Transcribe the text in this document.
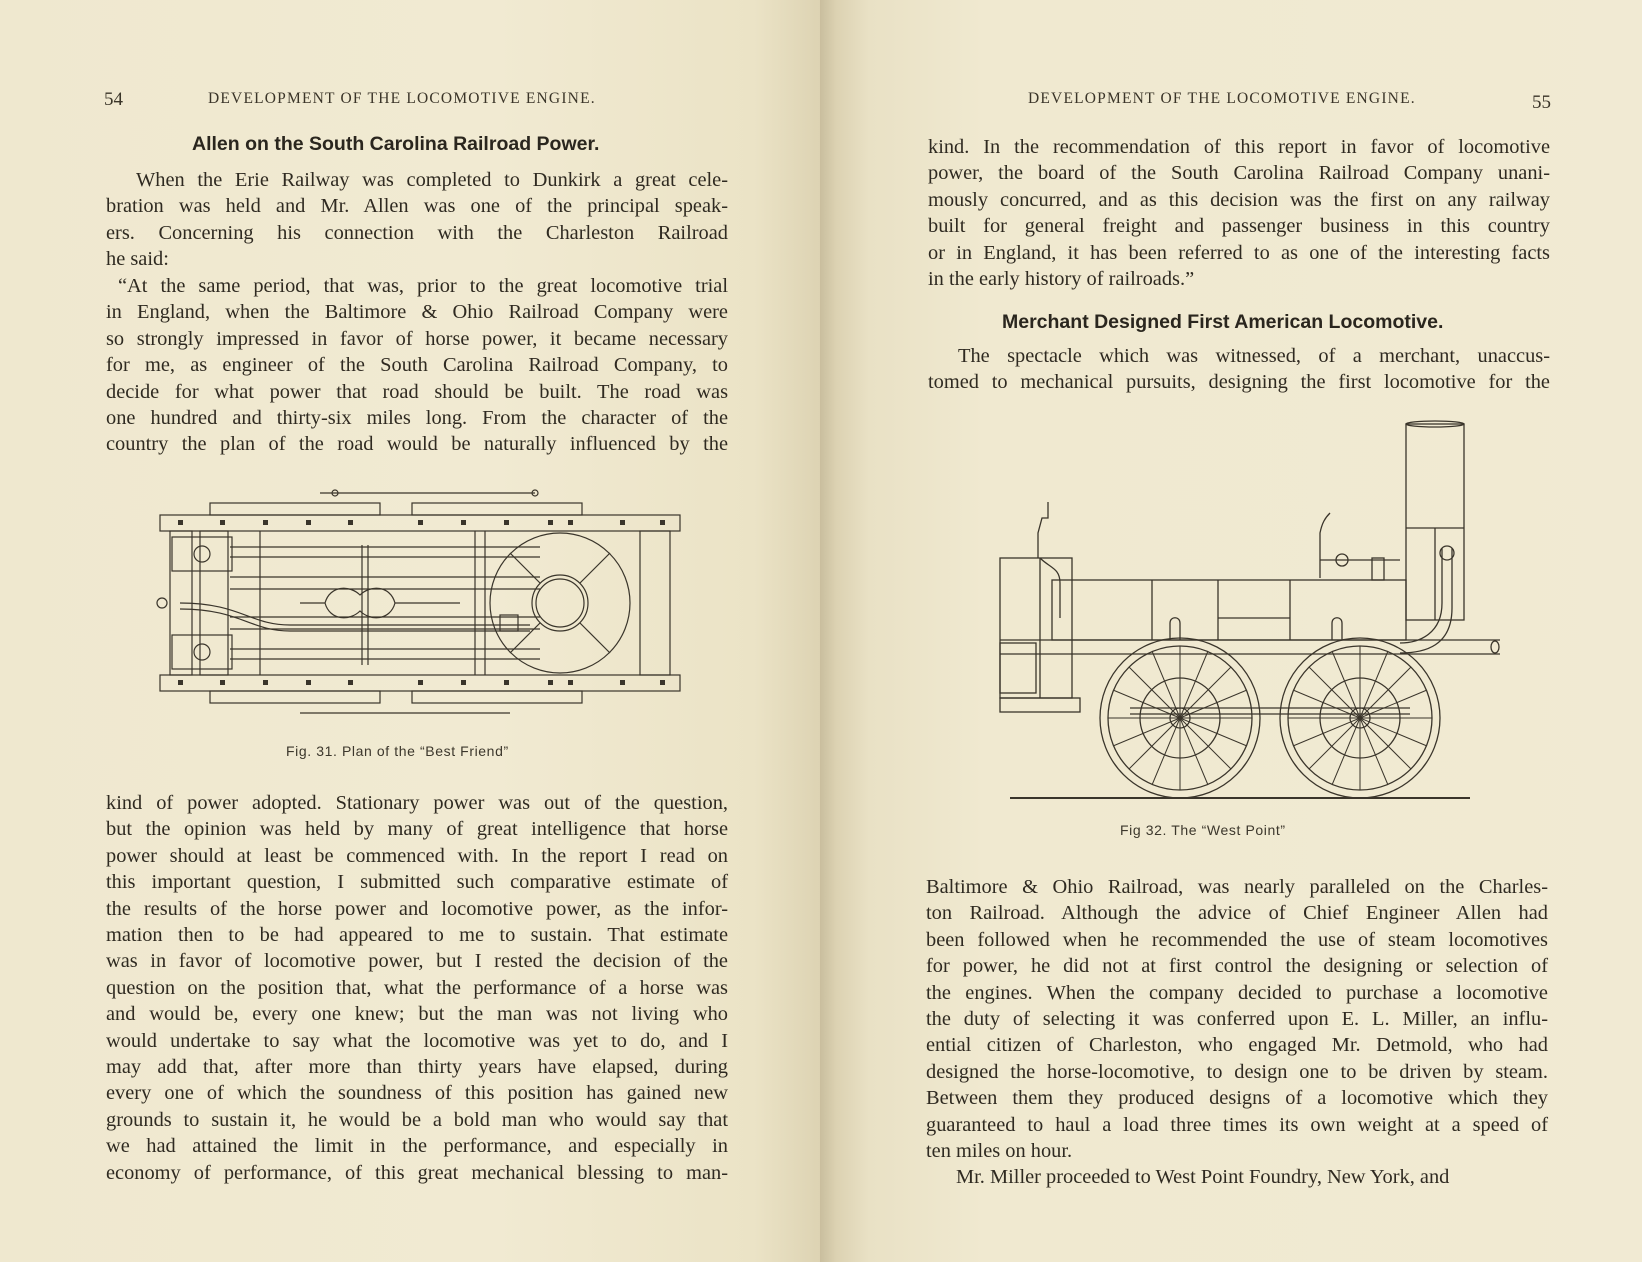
54	DEVELOPMENT OF THE LOCOMOTIVE ENGINE.
Allen on the South Carolina Railroad Power.
When the Erie Railway was completed to Dunkirk a great cele-
bration was held and Mr. Allen was one of the principal speak-
ers. Concerning his connection with the Charleston Railroad
he said:
“At the same period, that was, prior to the great locomotive trial
in England, when the Baltimore & Ohio Railroad Company were
so strongly impressed in favor of horse power, it became necessary
for me, as engineer of the South Carolina Railroad Company, to
decide for what power that road should be built. The road was
one hundred and thirty-six miles long. From the character of the
country the plan of the road would be naturally influenced by the
Fig. 31. Plan of the “Best Friend”
kind of power adopted. Stationary power was out of the question,
but the opinion was held by many of great intelligence that horse
power should at least be commenced with. In the report I read on
this important question, I submitted such comparative estimate of
the results of the horse power and locomotive power, as the infor-
mation then to be had appeared to me to sustain. That estimate
was in favor of locomotive power, but I rested the decision of the
question on the position that, what the performance of a horse was
and would be, every one knew; but the man was not living who
would undertake to say what the locomotive was yet to do, and I
may add that, after more than thirty years have elapsed, during
every one of which the soundness of this position has gained new
grounds to sustain it, he would be a bold man who would say that
we had attained the limit in the performance, and especially in
economy of performance, of this great mechanical blessing to man-
DEVELOPMENT OF THE LOCOMOTIVE ENGINE.	55
kind. In the recommendation of this report in favor of locomotive
power, the board of the South Carolina Railroad Company unani-
mously concurred, and as this decision was the first on any railway
built for general freight and passenger business in this country
or in England, it has been referred to as one of the interesting facts
in the early history of railroads.”
Merchant Designed First American Locomotive.
The spectacle which was witnessed, of a merchant, unaccus-
tomed to mechanical pursuits, designing the first locomotive for the
Fig 32. The “West Point”
Baltimore & Ohio Railroad, was nearly paralleled on the Charles-
ton Railroad. Although the advice of Chief Engineer Allen had
been followed when he recommended the use of steam locomotives
for power, he did not at first control the designing or selection of
the engines. When the company decided to purchase a locomotive
the duty of selecting it was conferred upon E. L. Miller, an influ-
ential citizen of Charleston, who engaged Mr. Detmold, who had
designed the horse-locomotive, to design one to be driven by steam.
Between them they produced designs of a locomotive which they
guaranteed to haul a load three times its own weight at a speed of
ten miles on hour.
Mr. Miller proceeded to West Point Foundry, New York, and
